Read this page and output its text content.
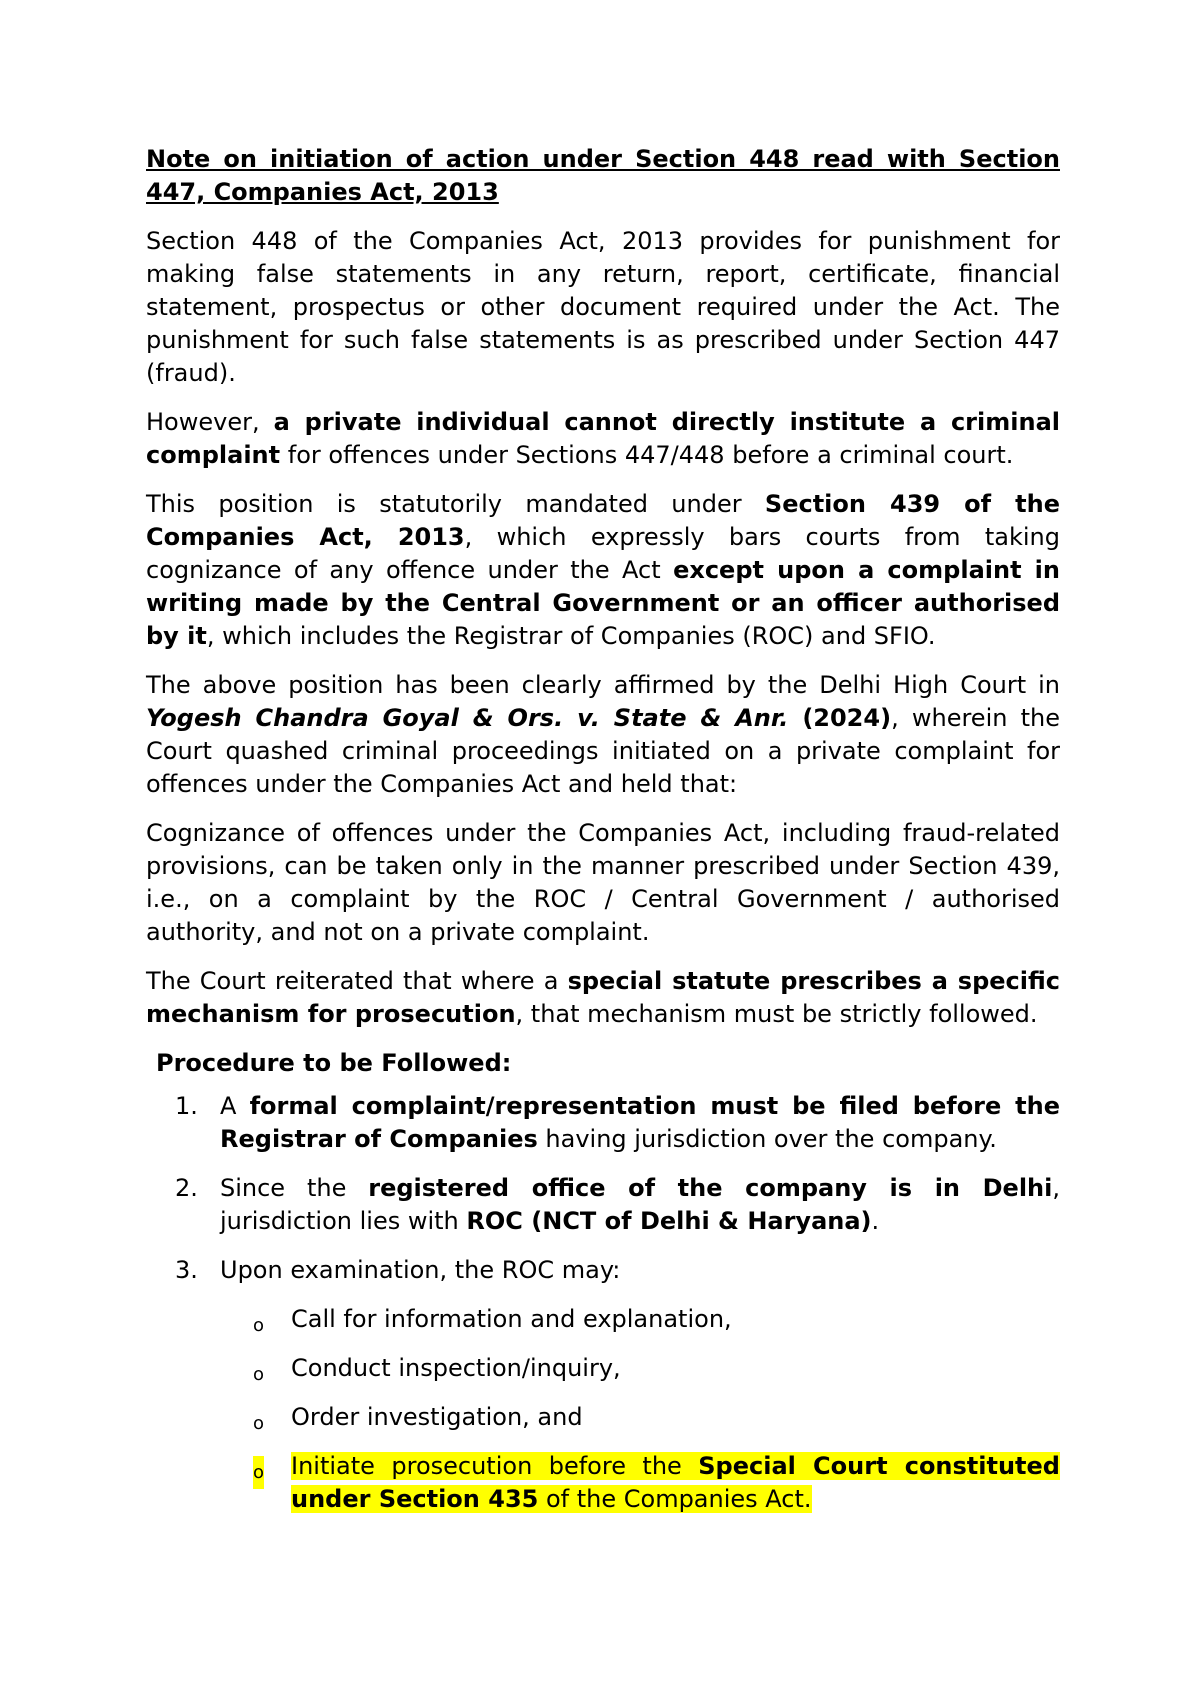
Note on initiation of action under Section 448 read with Section 447, Companies Act, 2013

Section 448 of the Companies Act, 2013 provides for punishment for making false statements in any return, report, certificate, financial statement, prospectus or other document required under the Act. The punishment for such false statements is as prescribed under Section 447 (fraud).

However, a private individual cannot directly institute a criminal complaint for offences under Sections 447/448 before a criminal court.

This position is statutorily mandated under Section 439 of the Companies Act, 2013, which expressly bars courts from taking cognizance of any offence under the Act except upon a complaint in writing made by the Central Government or an officer authorised by it, which includes the Registrar of Companies (ROC) and SFIO.

The above position has been clearly affirmed by the Delhi High Court in Yogesh Chandra Goyal & Ors. v. State & Anr. (2024), wherein the Court quashed criminal proceedings initiated on a private complaint for offences under the Companies Act and held that:

Cognizance of offences under the Companies Act, including fraud-related provisions, can be taken only in the manner prescribed under Section 439, i.e., on a complaint by the ROC / Central Government / authorised authority, and not on a private complaint.

The Court reiterated that where a special statute prescribes a specific mechanism for prosecution, that mechanism must be strictly followed.

Procedure to be Followed:

1. A formal complaint/representation must be filed before the Registrar of Companies having jurisdiction over the company.
2. Since the registered office of the company is in Delhi, jurisdiction lies with ROC (NCT of Delhi & Haryana).
3. Upon examination, the ROC may:
o Call for information and explanation,
o Conduct inspection/inquiry,
o Order investigation, and
o Initiate prosecution before the Special Court constituted under Section 435 of the Companies Act.
